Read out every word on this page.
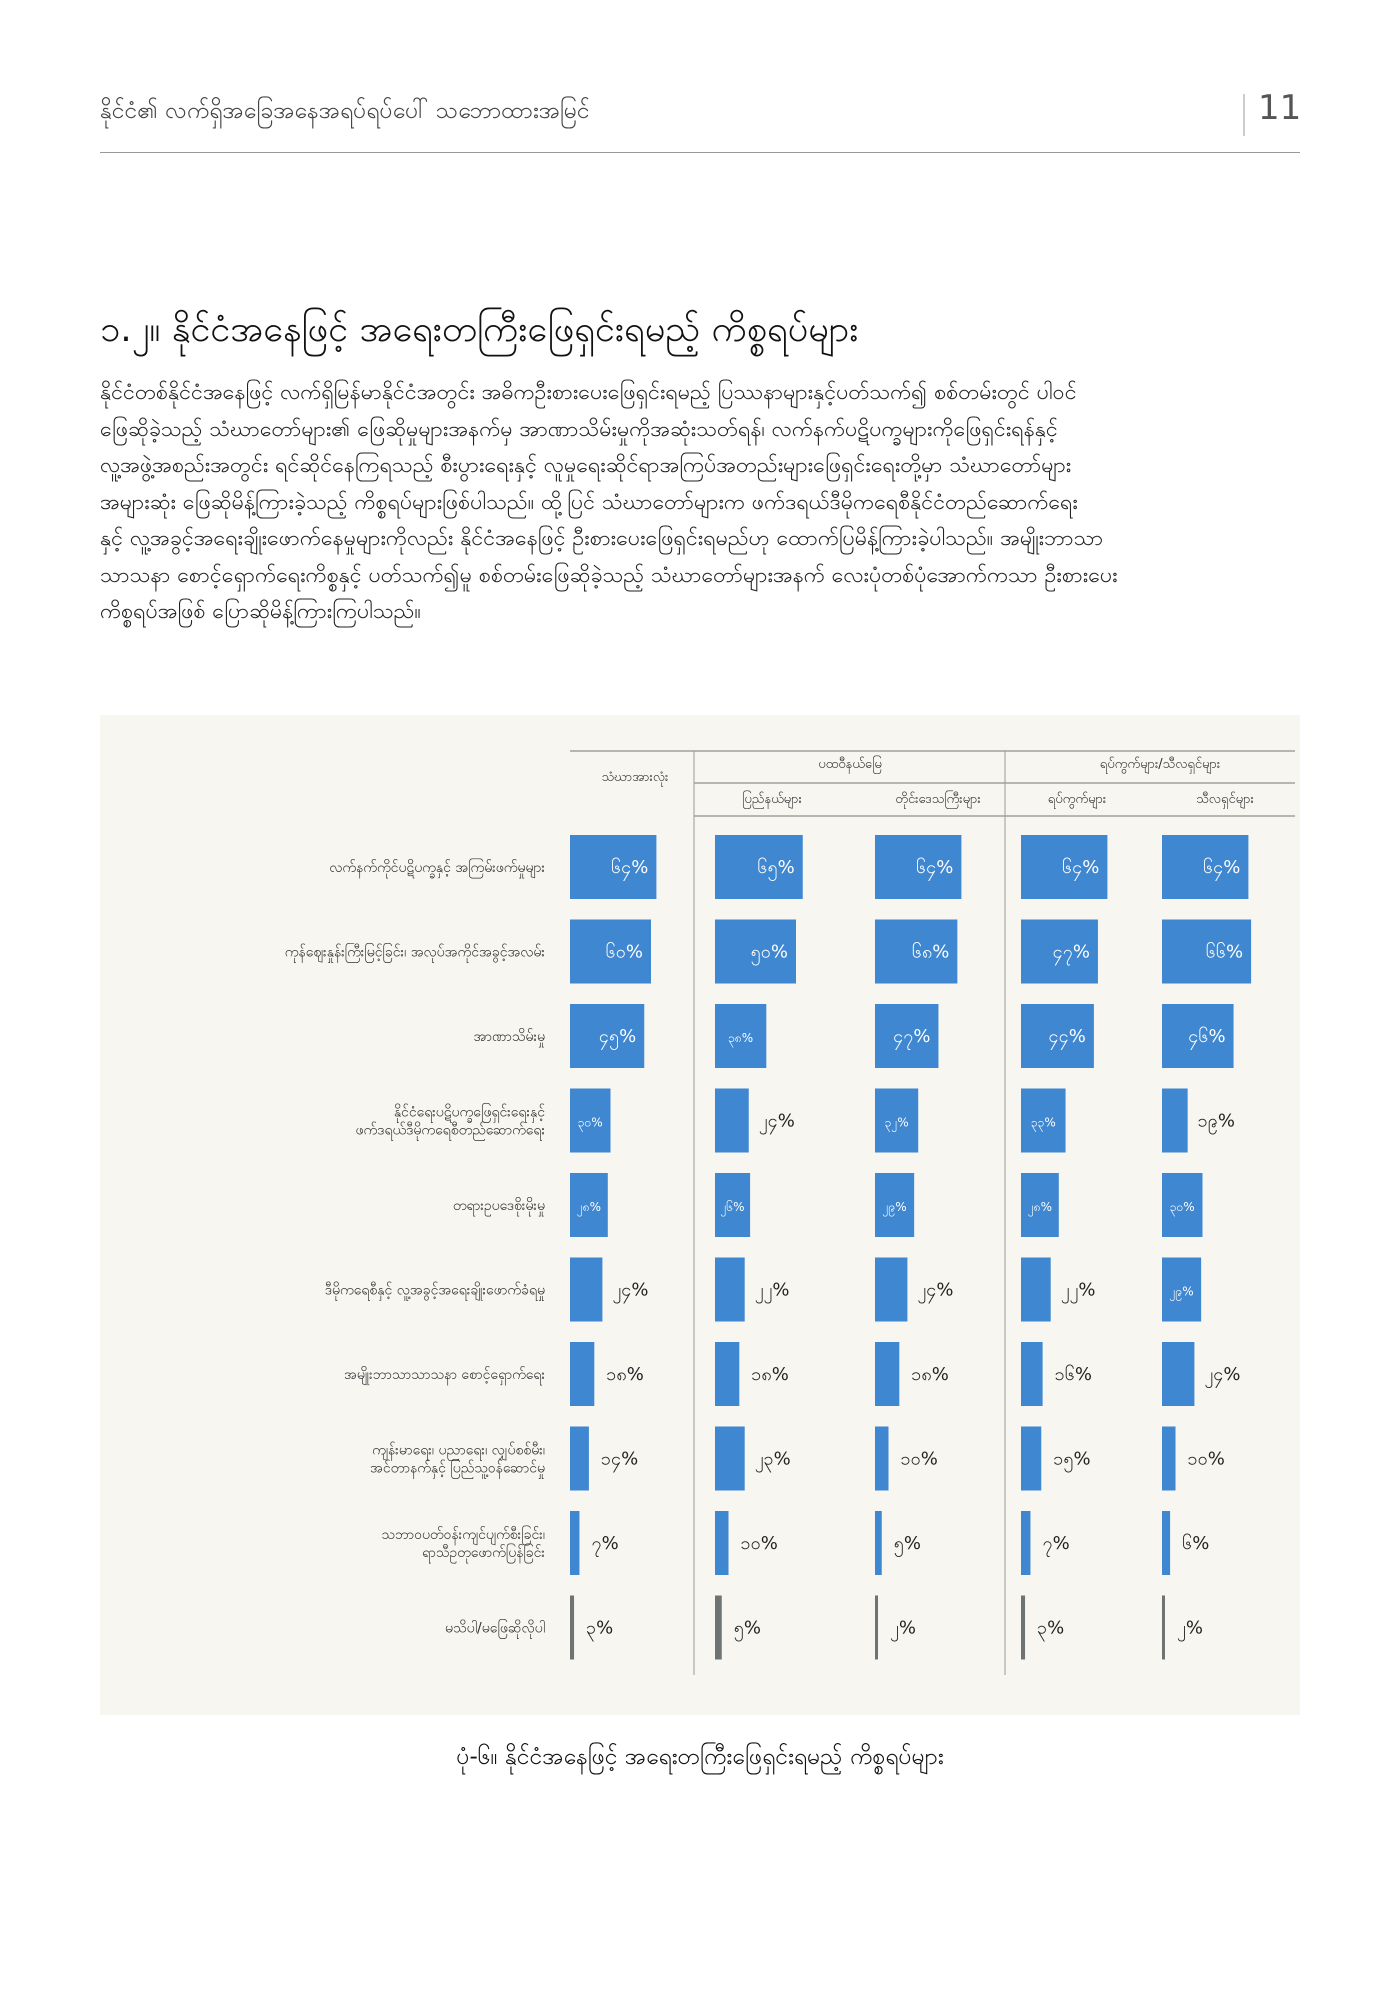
နိုင်ငံ၏ လက်ရှိအခြေအနေအရပ်ရပ်ပေါ် သဘောထားအမြင်	11
၁.၂။ နိုင်ငံအနေဖြင့် အရေးတကြီးဖြေရှင်းရမည့် ကိစ္စရပ်များ
နိုင်ငံတစ်နိုင်ငံအနေဖြင့် လက်ရှိမြန်မာနိုင်ငံအတွင်း အဓိကဦးစားပေးဖြေရှင်းရမည့် ပြဿနာများနှင့်ပတ်သက်၍ စစ်တမ်းတွင် ပါဝင်
ဖြေဆိုခဲ့သည့် သံဃာတော်များ၏ ဖြေဆိုမှုများအနက်မှ အာဏာသိမ်းမှုကိုအဆုံးသတ်ရန်၊ လက်နက်ပဋိပက္ခများကိုဖြေရှင်းရန်နှင့်
လူ့အဖွဲ့အစည်းအတွင်း ရင်ဆိုင်နေကြရသည့် စီးပွားရေးနှင့် လူမှုရေးဆိုင်ရာအကြပ်အတည်းများဖြေရှင်းရေးတို့မှာ သံဃာတော်များ
အများဆုံး ဖြေဆိုမိန့်ကြားခဲ့သည့် ကိစ္စရပ်များဖြစ်ပါသည်။ ထို့ပြင် သံဃာတော်များက ဖက်ဒရယ်ဒီမိုကရေစီနိုင်ငံတည်ဆောက်ရေး
နှင့် လူ့အခွင့်အရေးချိုးဖောက်နေမှုများကိုလည်း နိုင်ငံအနေဖြင့် ဦးစားပေးဖြေရှင်းရမည်ဟု ထောက်ပြမိန့်ကြားခဲ့ပါသည်။ အမျိုးဘာသာ
သာသနာ စောင့်ရှောက်ရေးကိစ္စနှင့် ပတ်သက်၍မူ စစ်တမ်းဖြေဆိုခဲ့သည့် သံဃာတော်များအနက် လေးပုံတစ်ပုံအောက်ကသာ ဦးစားပေး
ကိစ္စရပ်အဖြစ် ပြောဆိုမိန့်ကြားကြပါသည်။
သံဃာအားလုံး
ပထဝီနယ်မြေ	ရပ်ကွက်များ/သီလရှင်များ
ပြည်နယ်များ	တိုင်းဒေသကြီးများ	ရပ်ကွက်များ	သီလရှင်များ
လက်နက်ကိုင်ပဋိပက္ခနှင့် အကြမ်းဖက်မှုများ	၆၄%	၆၅%	၆၄%	၆၄%	၆၄%
ကုန်ဈေးနှုန်းကြီးမြင့်ခြင်း၊ အလုပ်အကိုင်အခွင့်အလမ်း	၆၀%	၅၀%	၆၈%	၄၇%	၆၆%
အာဏာသိမ်းမှု	၄၅%	၃၈%	၄၇%	၄၄%	၄၆%
နိုင်ငံရေးပဋိပက္ခဖြေရှင်းရေးနှင့်
ဖက်ဒရယ်ဒီမိုကရေစီတည်ဆောက်ရေး	၃၀%	၂၄%	၃၂%	၃၃%	၁၉%
တရားဥပဒေစိုးမိုးမှု	၂၈%	၂၆%	၂၉%	၂၈%	၃၀%
ဒီမိုကရေစီနှင့် လူ့အခွင့်အရေးချိုးဖောက်ခံရမှု	၂၄%	၂၂%	၂၄%	၂၂%	၂၉%
အမျိုးဘာသာသာသနာ စောင့်ရှောက်ရေး	၁၈%	၁၈%	၁၈%	၁၆%	၂၄%
ကျန်းမာရေး၊ ပညာရေး၊ လျှပ်စစ်မီး၊
အင်တာနက်နှင့် ပြည်သူ့ဝန်ဆောင်မှု	၁၄%	၂၃%	၁၀%	၁၅%	၁၀%
သဘာဝပတ်ဝန်းကျင်ပျက်စီးခြင်း၊
ရာသီဥတုဖောက်ပြန်ခြင်း	၇%	၁၀%	၅%	၇%	၆%
မသိပါ/မဖြေဆိုလိုပါ ၃%	၅%	၂%	၃%	၂%
ပုံ-၆။ နိုင်ငံအနေဖြင့် အရေးတကြီးဖြေရှင်းရမည့် ကိစ္စရပ်များ
